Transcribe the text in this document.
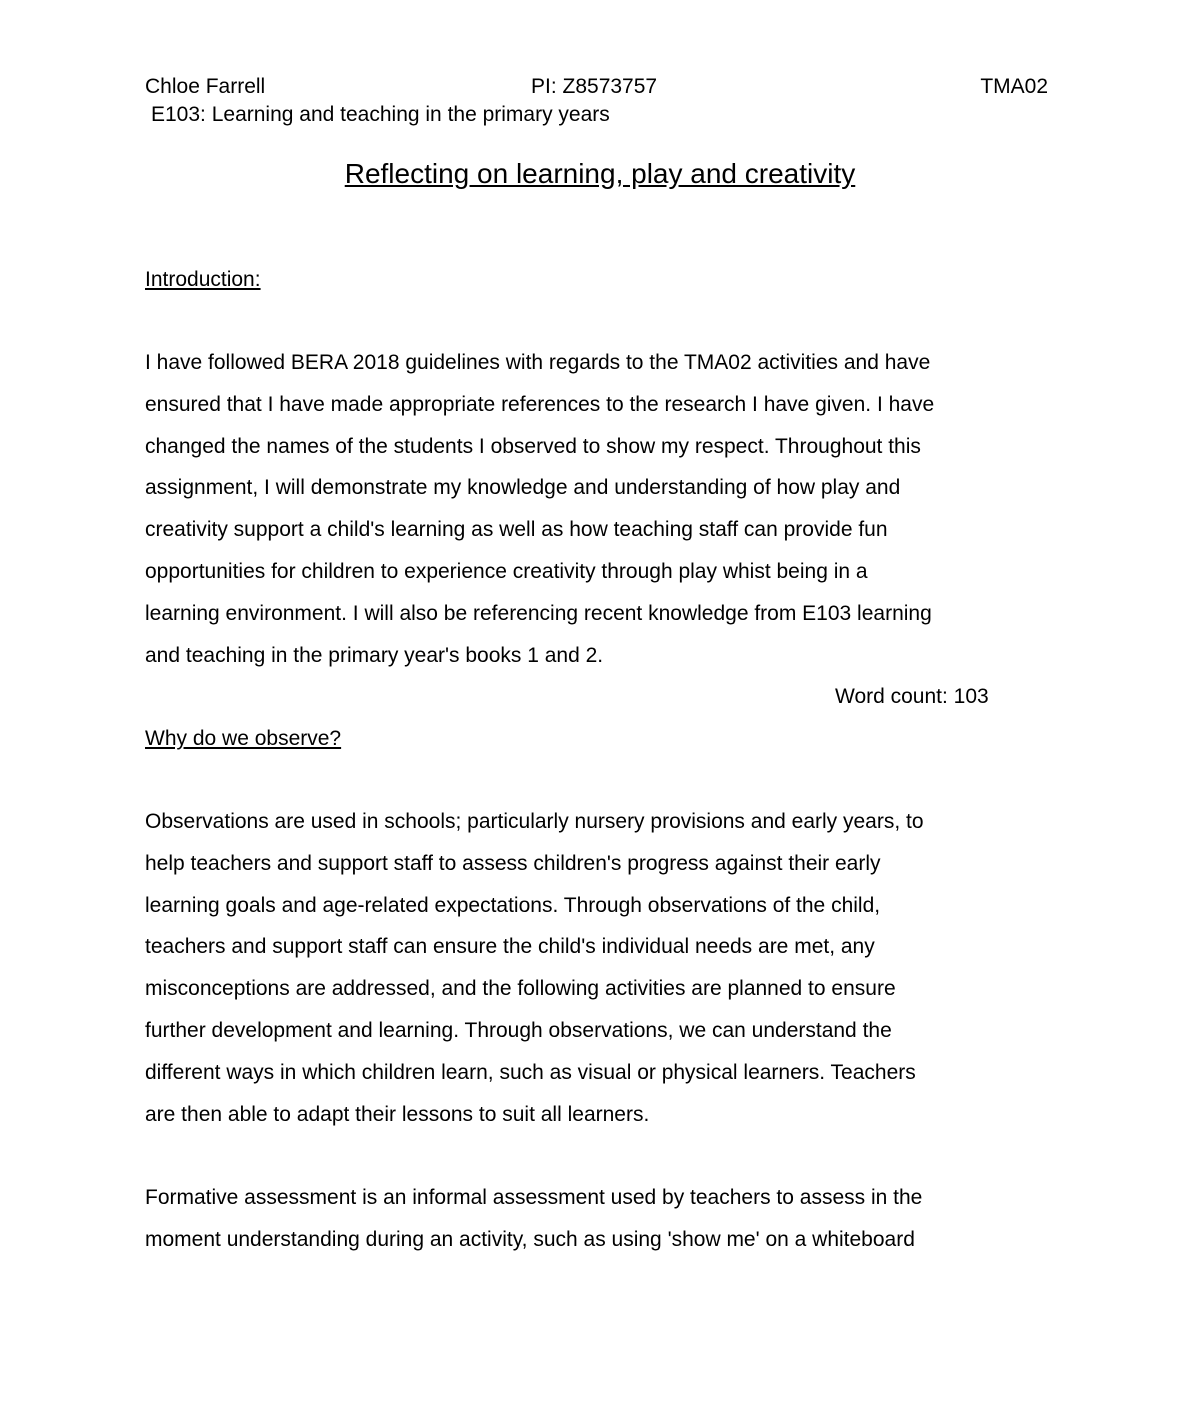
Chloe Farrell	PI: Z8573757	TMA02
E103: Learning and teaching in the primary years
Reflecting on learning, play and creativity
Introduction:

I have followed BERA 2018 guidelines with regards to the TMA02 activities and have
ensured that I have made appropriate references to the research I have given. I have
changed the names of the students I observed to show my respect. Throughout this
assignment, I will demonstrate my knowledge and understanding of how play and
creativity support a child's learning as well as how teaching staff can provide fun
opportunities for children to experience creativity through play whist being in a
learning environment. I will also be referencing recent knowledge from E103 learning
and teaching in the primary year's books 1 and 2.

Word count: 103
Why do we observe?

Observations are used in schools; particularly nursery provisions and early years, to
help teachers and support staff to assess children's progress against their early
learning goals and age-related expectations. Through observations of the child,
teachers and support staff can ensure the child's individual needs are met, any
misconceptions are addressed, and the following activities are planned to ensure
further development and learning. Through observations, we can understand the
different ways in which children learn, such as visual or physical learners. Teachers
are then able to adapt their lessons to suit all learners.

Formative assessment is an informal assessment used by teachers to assess in the
moment understanding during an activity, such as using 'show me' on a whiteboard
